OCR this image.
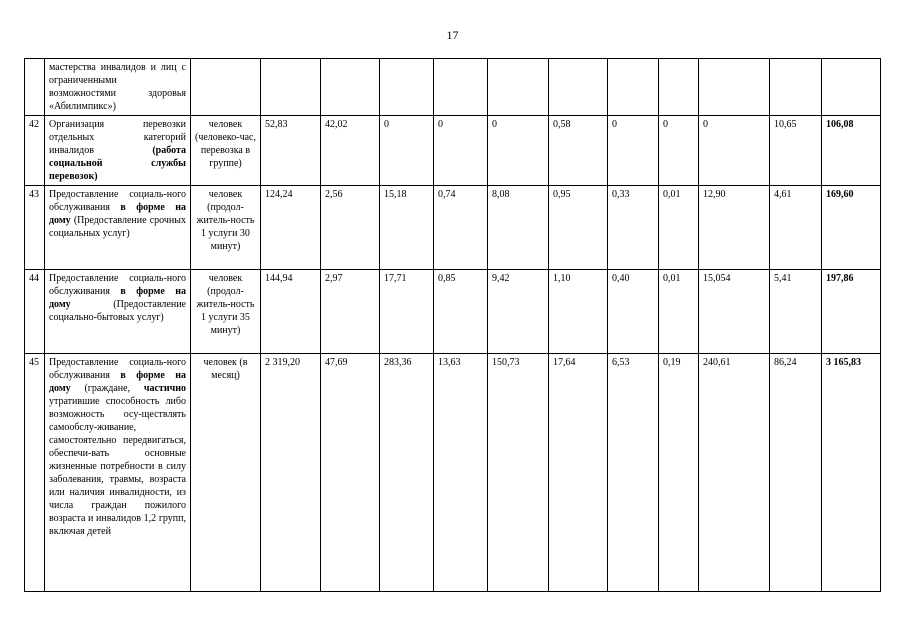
17
	мастерства инвалидов и лиц с ограниченными возможностями здоровья «Абилимпикс»)												
42	Организация перевозки отдельных категорий инвалидов (работа социальной службы перевозок)	человек (человеко-час, перевозка в группе)	52,83	42,02	0	0	0	0,58	0	0	0	10,65	106,08
43	Предоставление социаль-ного обслуживания в форме на дому (Предоставление срочных социальных услуг)	человек (продол-житель-ность 1 услуги 30 минут)	124,24	2,56	15,18	0,74	8,08	0,95	0,33	0,01	12,90	4,61	169,60
44	Предоставление социаль-ного обслуживания в форме на дому (Предоставление социально-бытовых услуг)	человек (продол-житель-ность 1 услуги 35 минут)	144,94	2,97	17,71	0,85	9,42	1,10	0,40	0,01	15,054	5,41	197,86
45	Предоставление социаль-ного обслуживания в форме на дому (граждане, частично утратившие способность либо возможность осу-ществлять самообслу-живание, самостоятельно передвигаться, обеспечи-вать основные жизненные потребности в силу заболевания, травмы, возраста или наличия инвалидности, из числа граждан пожилого возраста и инвалидов 1,2 групп, включая детей	человек (в месяц)	2 319,20	47,69	283,36	13,63	150,73	17,64	6,53	0,19	240,61	86,24	3 165,83
